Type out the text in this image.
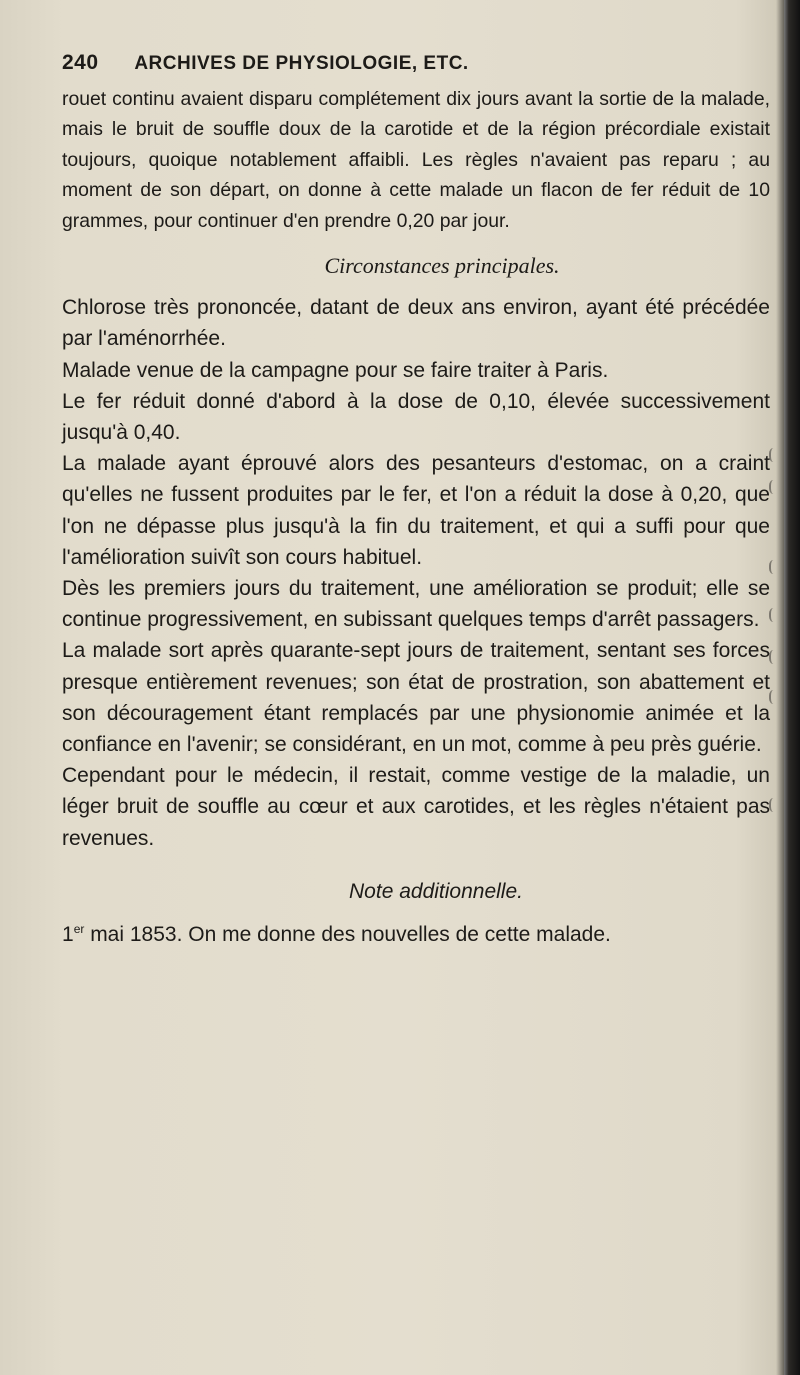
240 ARCHIVES DE PHYSIOLOGIE, ETC.

rouet continu avaient disparu complétement dix jours avant la sortie de la malade, mais le bruit de souffle doux de la carotide et de la région précordiale existait toujours, quoique notablement affaibli. Les règles n'avaient pas reparu ; au moment de son départ, on donne à cette malade un flacon de fer réduit de 10 grammes, pour continuer d'en prendre 0,20 par jour.

Circonstances principales.

Chlorose très prononcée, datant de deux ans environ, ayant été précédée par l'aménorrhée.

Malade venue de la campagne pour se faire traiter à Paris.

Le fer réduit donné d'abord à la dose de 0,10, élevée successivement jusqu'à 0,40.

La malade ayant éprouvé alors des pesanteurs d'estomac, on a craint qu'elles ne fussent produites par le fer, et l'on a réduit la dose à 0,20, que l'on ne dépasse plus jusqu'à la fin du traitement, et qui a suffi pour que l'amélioration suivît son cours habituel.

Dès les premiers jours du traitement, une amélioration se produit; elle se continue progressivement, en subissant quelques temps d'arrêt passagers.

La malade sort après quarante-sept jours de traitement, sentant ses forces presque entièrement revenues; son état de prostration, son abattement et son découragement étant remplacés par une physionomie animée et la confiance en l'avenir; se considérant, en un mot, comme à peu près guérie.

Cependant pour le médecin, il restait, comme vestige de la maladie, un léger bruit de souffle au cœur et aux carotides, et les règles n'étaient pas revenues.

Note additionnelle.

1er mai 1853. On me donne des nouvelles de cette malade.
